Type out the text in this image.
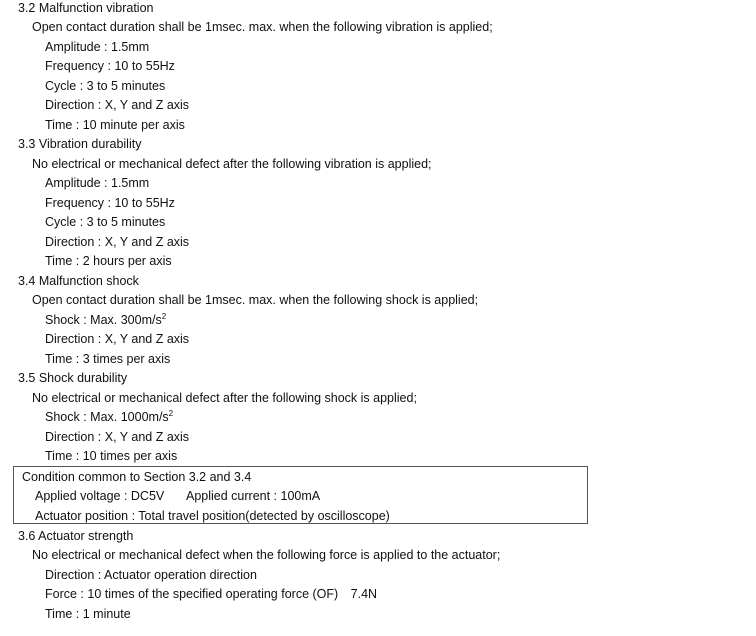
3.2 Malfunction vibration
Open contact duration shall be 1msec. max. when the following vibration is applied;
Amplitude : 1.5mm
Frequency : 10 to 55Hz
Cycle : 3 to 5 minutes
Direction : X, Y and Z axis
Time : 10 minute per axis
3.3 Vibration durability
No electrical or mechanical defect after the following vibration is applied;
Amplitude : 1.5mm
Frequency : 10 to 55Hz
Cycle : 3 to 5 minutes
Direction : X, Y and Z axis
Time : 2 hours per axis
3.4 Malfunction shock
Open contact duration shall be 1msec. max. when the following shock is applied;
Shock : Max. $300m/s^2$
Direction : X, Y and Z axis
Time : 3 times per axis
3.5 Shock durability
No electrical or mechanical defect after the following shock is applied;
Shock : Max. $1000m/s^2$
Direction : X, Y and Z axis
Time : 10 times per axis
Condition common to Section 3.2 and 3.4
Applied voltage : DC5V Applied current : 100mA
Actuator position : Total travel position(detected by oscilloscope)
3.6 Actuator strength
No electrical or mechanical defect when the following force is applied to the actuator;
Direction : Actuator operation direction
Force : 10 times of the specified operating force (OF)　7.4N
Time : 1 minute
